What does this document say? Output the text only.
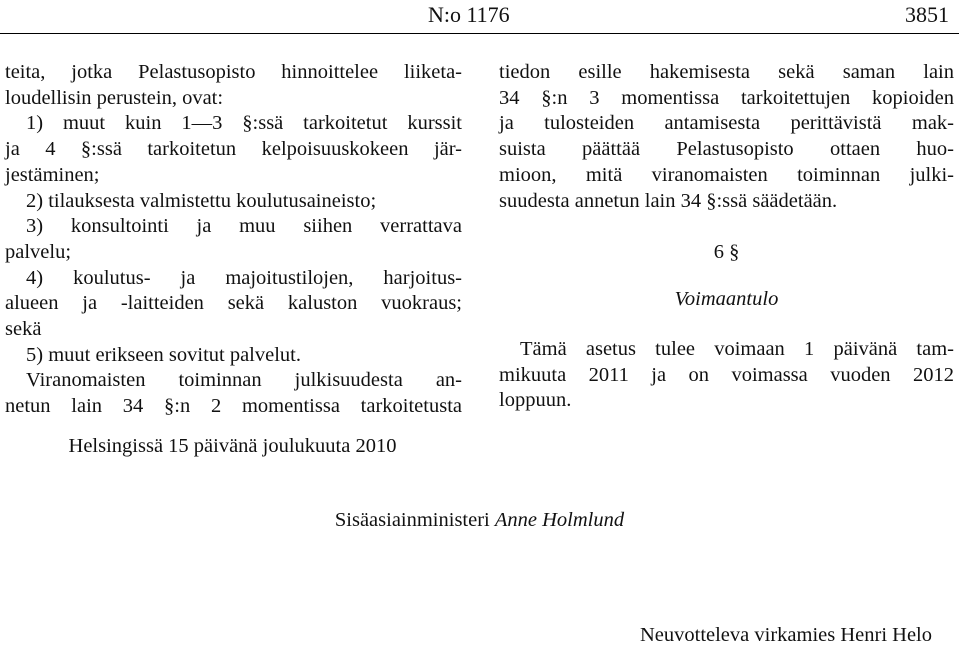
N:o 1176	3851
teita, jotka Pelastusopisto hinnoittelee liiketa-
loudellisin perustein, ovat:
1) muut kuin 1—3 §:ssä tarkoitetut kurssit
ja 4 §:ssä tarkoitetun kelpoisuuskokeen jär-
jestäminen;
2) tilauksesta valmistettu koulutusaineisto;
3) konsultointi ja muu siihen verrattava
palvelu;
4) koulutus- ja majoitustilojen, harjoitus-
alueen ja -laitteiden sekä kaluston vuokraus;
sekä
5) muut erikseen sovitut palvelut.
Viranomaisten toiminnan julkisuudesta an-
netun lain 34 §:n 2 momentissa tarkoitetusta
tiedon esille hakemisesta sekä saman lain
34 §:n 3 momentissa tarkoitettujen kopioiden
ja tulosteiden antamisesta perittävistä mak-
suista päättää Pelastusopisto ottaen huo-
mioon, mitä viranomaisten toiminnan julki-
suudesta annetun lain 34 §:ssä säädetään.
6 §
Voimaantulo
Tämä asetus tulee voimaan 1 päivänä tam-
mikuuta 2011 ja on voimassa vuoden 2012
loppuun.
Helsingissä 15 päivänä joulukuuta 2010
Sisäasiainministeri Anne Holmlund
Neuvotteleva virkamies Henri Helo
